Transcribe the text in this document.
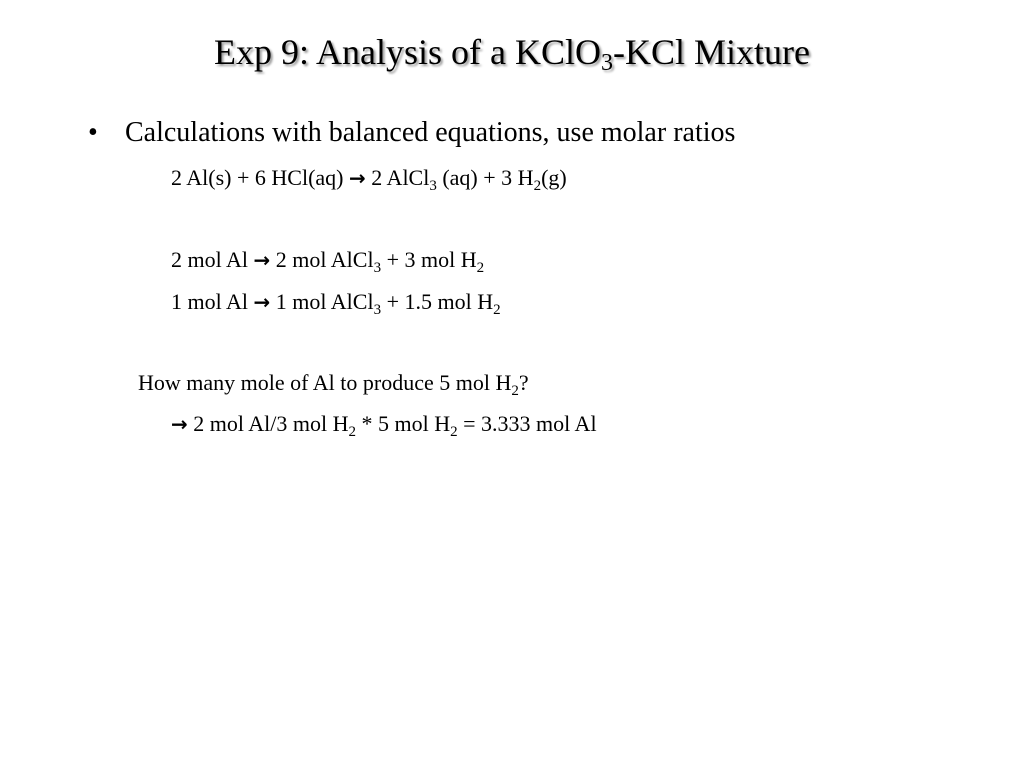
Exp 9: Analysis of a KClO$_3$-KCl Mixture
• Calculations with balanced equations, use molar ratios
2 Al(s) + 6 HCl(aq) → 2 AlCl$_3$ (aq) + 3 $H_2(g)$
2 mol Al → 2 mol AlCl$_3$ + 3 mol $H_2$
1 mol Al → 1 mol AlCl$_3$ + 1.5 mol $H_2$
How many mole of Al to produce 5 mol $H_2$?
→ 2 mol Al/3 mol $H_2 * 5$ mol $H_2 = 3.333$ mol Al
